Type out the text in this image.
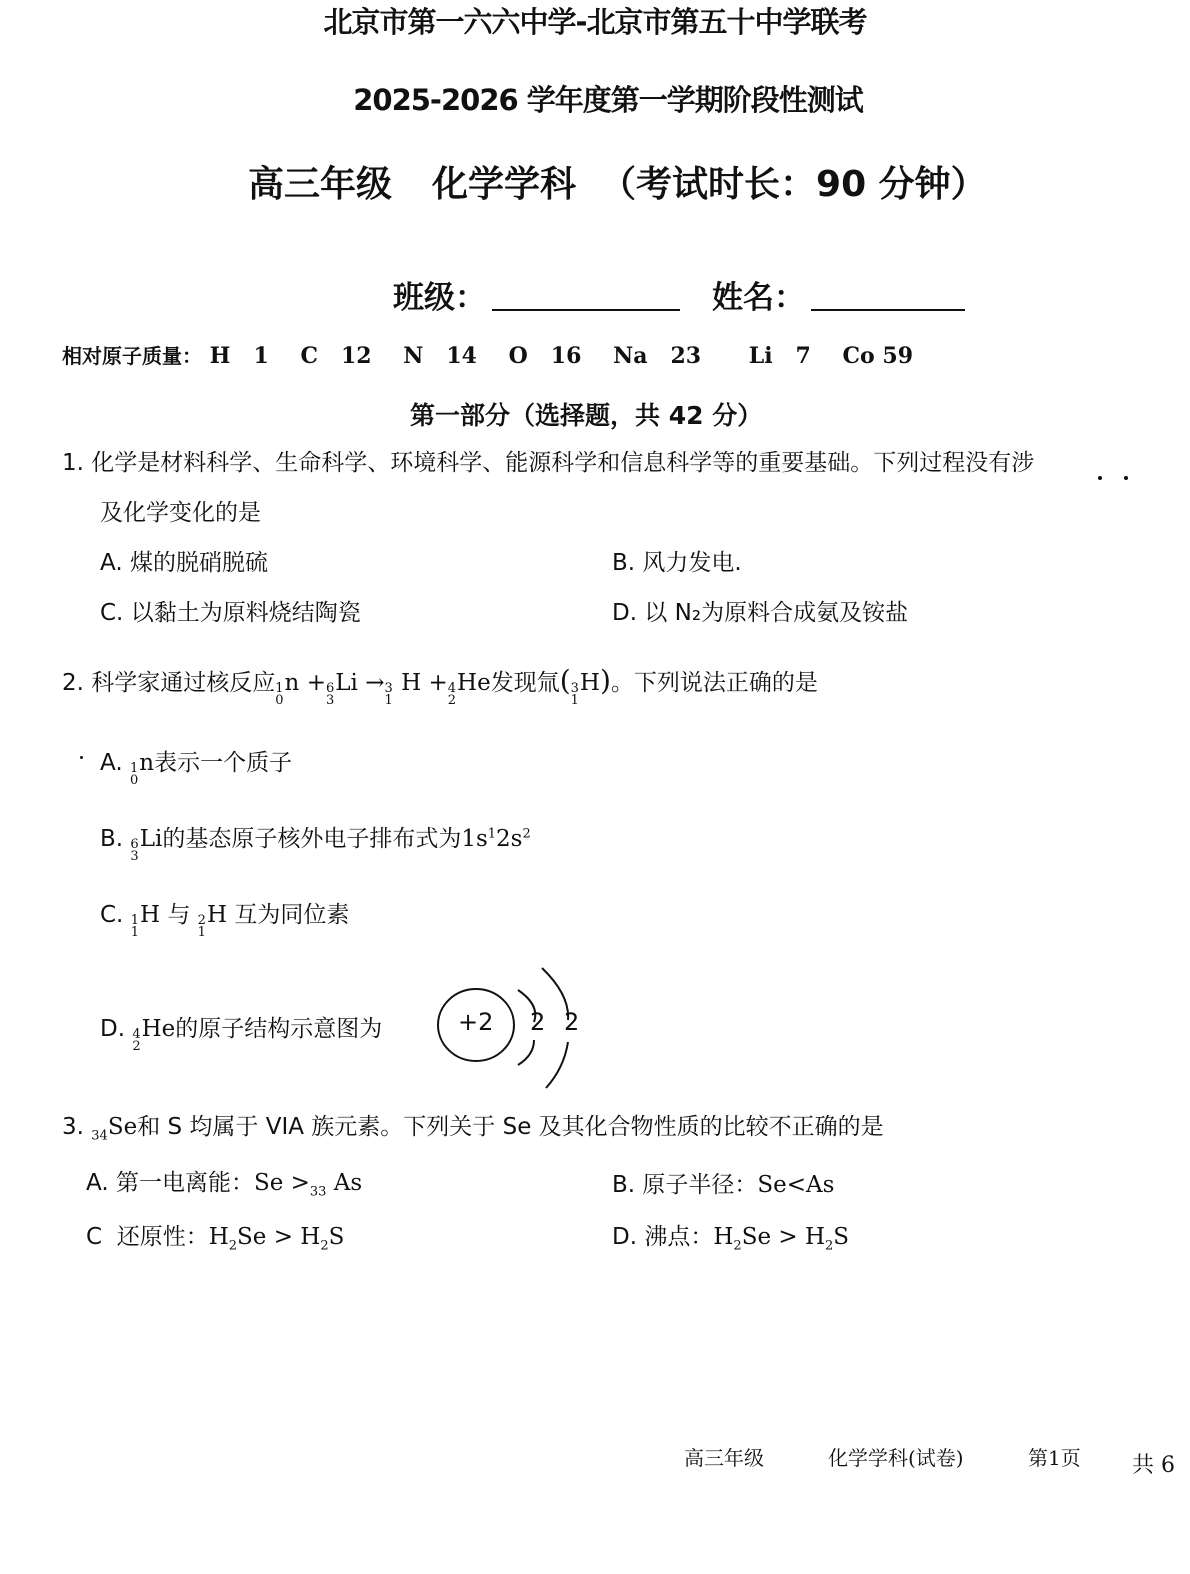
北京市第一六六中学-北京市第五十中学联考
2025-2026 学年度第一学期阶段性测试
高三年级 化学学科 （考试时长：90 分钟）
班级：	姓名：
相对原子质量： H 1 C 12 N 14 O 16 Na 23 Li 7 Co 59
第一部分（选择题，共 42 分）
1. 化学是材料科学、生命科学、环境科学、能源科学和信息科学等的重要基础。下列过程没有涉
及化学变化的是
A. 煤的脱硝脱硫	B. 风力发电.
C. 以黏土为原料烧结陶瓷	D. 以 N₂为原料合成氨及铵盐
2. 科学家通过核反应 1
0
n + 6
3
Li → 3
1
H + 4
2
He发现氚( 3
1
H)。下列说法正确的是
A. 1
0
n表示一个质子
B. 6
3
Li的基态原子核外电子排布式为$1s^12s^2$
C. 1
1
H 与 2
1
H 互为同位素
D. 4
2
He的原子结构示意图为	+2 2 2
3. $_{34}$Se和 S 均属于 VIA 族元素。下列关于 Se 及其化合物性质的比较不正确的是
A. 第一电离能：$Se >_{33}$ As	B. 原子半径：Se<As
C 还原性：$H_2Se > H_2S$	D. 沸点：$H_2Se > H_2S$
高三年级	化学学科(试卷)	第1页 共 6
